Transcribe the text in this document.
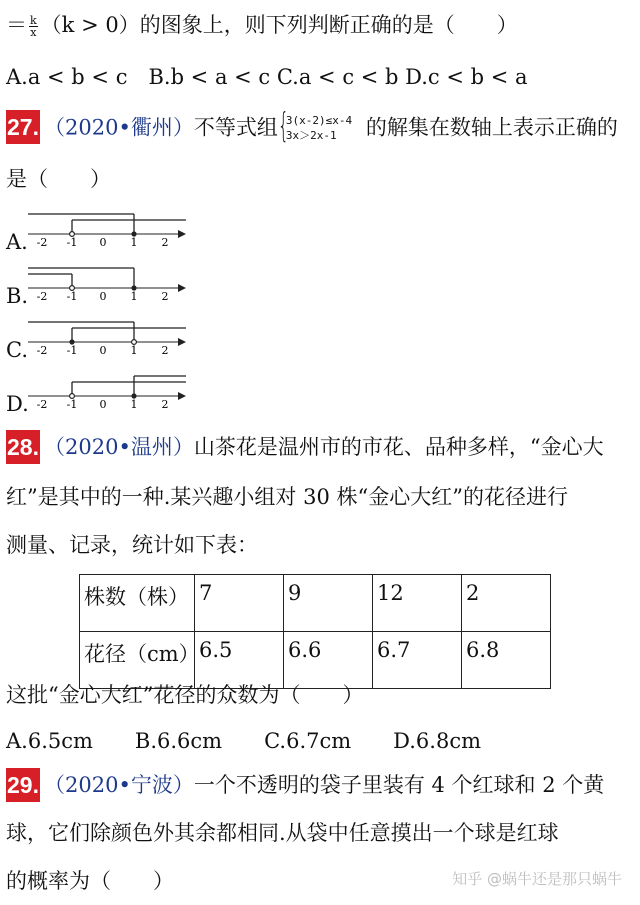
＝ $\frac{k}{x} (k > 0)$的图象上，则下列判断正确的是（　　）
A.a < b < c　B.b < a < c C.a < c < b D.c < b < a
27. （2020•衢州）不等式组 {
3(x-2)≤x-4
3x＞2x-1 的解集在数轴上表示正确的
是（　　）
A. -2 -1 0 1 2
B. -2 -1 0 1 2
C. -2 -1 0 1 2
D. -2 -1 0 1 2
28. （2020•温州）山茶花是温州市的市花、品种多样，“金心大
红”是其中的一种.某兴趣小组对 30 株“金心大红”的花径进行
测量、记录，统计如下表：
株数（株）	7	9	12	2
花径（cm）	6.5	6.6	6.7	6.8
这批“金心大红”花径的众数为（　　）
A.6.5cm　　B.6.6cm　　C.6.7cm　　D.6.8cm
29. （2020•宁波）一个不透明的袋子里装有 4 个红球和 2 个黄
球，它们除颜色外其余都相同.从袋中任意摸出一个球是红球
的概率为（　　）	知乎 @蜗牛还是那只蜗牛
